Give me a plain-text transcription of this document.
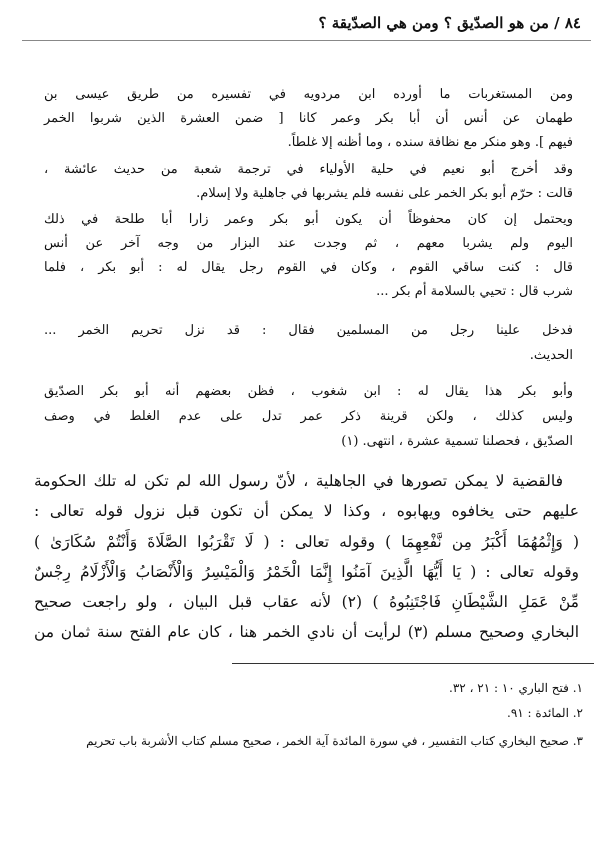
٨٤ / من هو الصدّيق ؟ ومن هي الصدّيقة ؟
ومن المستغربات ما أورده ابن مردويه في تفسيره من طريق عيسى بن
طهمان عن أنس أن أبا بكر وعمر كانا [ ضمن العشرة الذين شربوا الخمر
فيهم ]. وهو منكر مع نظافة سنده ، وما أظنه إلا غلطاً.
وقد أخرج أبو نعيم في حلية الأولياء في ترجمة شعبة من حديث عائشة ،
قالت : حرّم أبو بكر الخمر على نفسه فلم يشربها في جاهلية ولا إسلام.
ويحتمل إن كان محفوظاً أن يكون أبو بكر وعمر زارا أبا طلحة في ذلك
اليوم ولم يشربا معهم ، ثم وجدت عند البزار من وجه آخر عن أنس
قال : كنت ساقي القوم ، وكان في القوم رجل يقال له : أبو بكر ، فلما
شرب قال : تحيي بالسلامة أم بكر ...
فدخل علينا رجل من المسلمين فقال : قد نزل تحريم الخمر ...
الحديث.
وأبو بكر هذا يقال له : ابن شغوب ، فظن بعضهم أنه أبو بكر الصدّيق
وليس كذلك ، ولكن قرينة ذكر عمر تدل على عدم الغلط في وصف
الصدّيق ، فحصلنا تسمية عشرة ، انتهى. (١)
فالقضية لا يمكن تصورها في الجاهلية ، لأنّ رسول الله لم تكن له تلك الحكومة
عليهم حتى يخافوه ويهابوه ، وكذا لا يمكن أن تكون قبل نزول قوله تعالى :
( وَإِثْمُهُمَا أَكْبَرُ مِن نَّفْعِهِمَا ) وقوله تعالى : ( لَا تَقْرَبُوا الصَّلَاةَ وَأَنْتُمْ سُكَارَىٰ )
وقوله تعالى : ( يَا أَيُّهَا الَّذِينَ آمَنُوا إِنَّمَا الْخَمْرُ وَالْمَيْسِرُ وَالْأَنْصَابُ وَالْأَزْلَامُ رِجْسٌ
مِّنْ عَمَلِ الشَّيْطَانِ فَاجْتَنِبُوهُ ) (٢) لأنه عقاب قبل البيان ، ولو راجعت صحيح
البخاري وصحيح مسلم (٣) لرأيت أن نادي الخمر هنا ، كان عام الفتح سنة ثمان من
١. فتح الباري ١٠ : ٢١ ، ٣٢.
٢. المائدة : ٩١.
٣. صحيح البخاري كتاب التفسير ، في سورة المائدة آية الخمر ، صحيح مسلم كتاب الأشربة باب تحريم
